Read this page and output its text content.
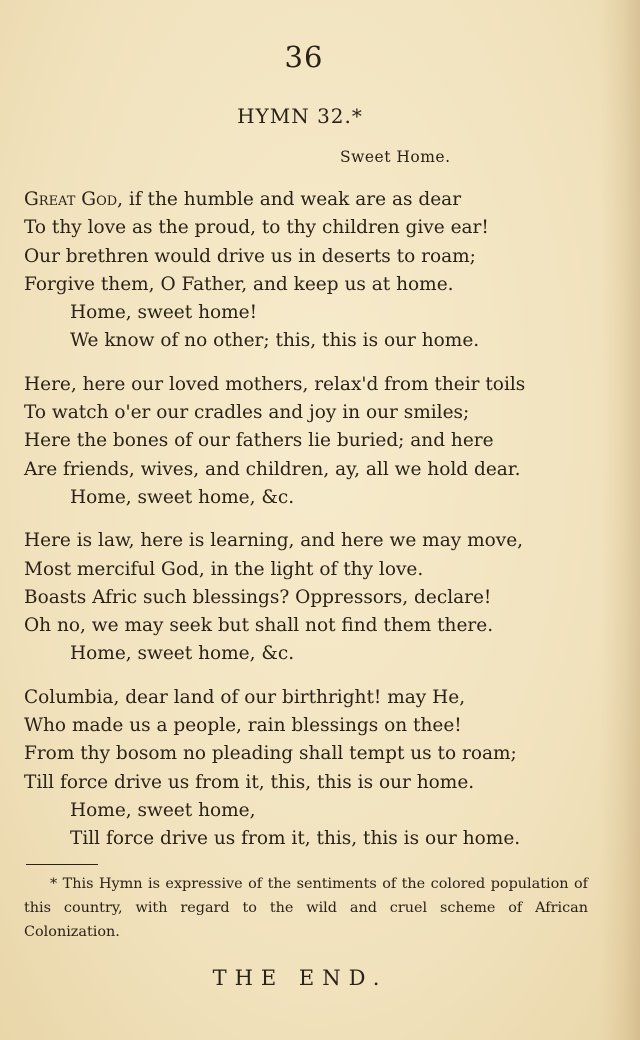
36
HYMN 32.*
Sweet Home.
Great God, if the humble and weak are as dear
To thy love as the proud, to thy children give ear!
Our brethren would drive us in deserts to roam;
Forgive them, O Father, and keep us at home.
Home, sweet home!
We know of no other; this, this is our home.
Here, here our loved mothers, relax'd from their toils
To watch o'er our cradles and joy in our smiles;
Here the bones of our fathers lie buried; and here
Are friends, wives, and children, ay, all we hold dear.
Home, sweet home, &c.
Here is law, here is learning, and here we may move,
Most merciful God, in the light of thy love.
Boasts Afric such blessings? Oppressors, declare!
Oh no, we may seek but shall not find them there.
Home, sweet home, &c.
Columbia, dear land of our birthright! may He,
Who made us a people, rain blessings on thee!
From thy bosom no pleading shall tempt us to roam;
Till force drive us from it, this, this is our home.
Home, sweet home,
Till force drive us from it, this, this is our home.
* This Hymn is expressive of the sentiments of the colored population of this country, with regard to the wild and cruel scheme of African Colonization.
THE END.
